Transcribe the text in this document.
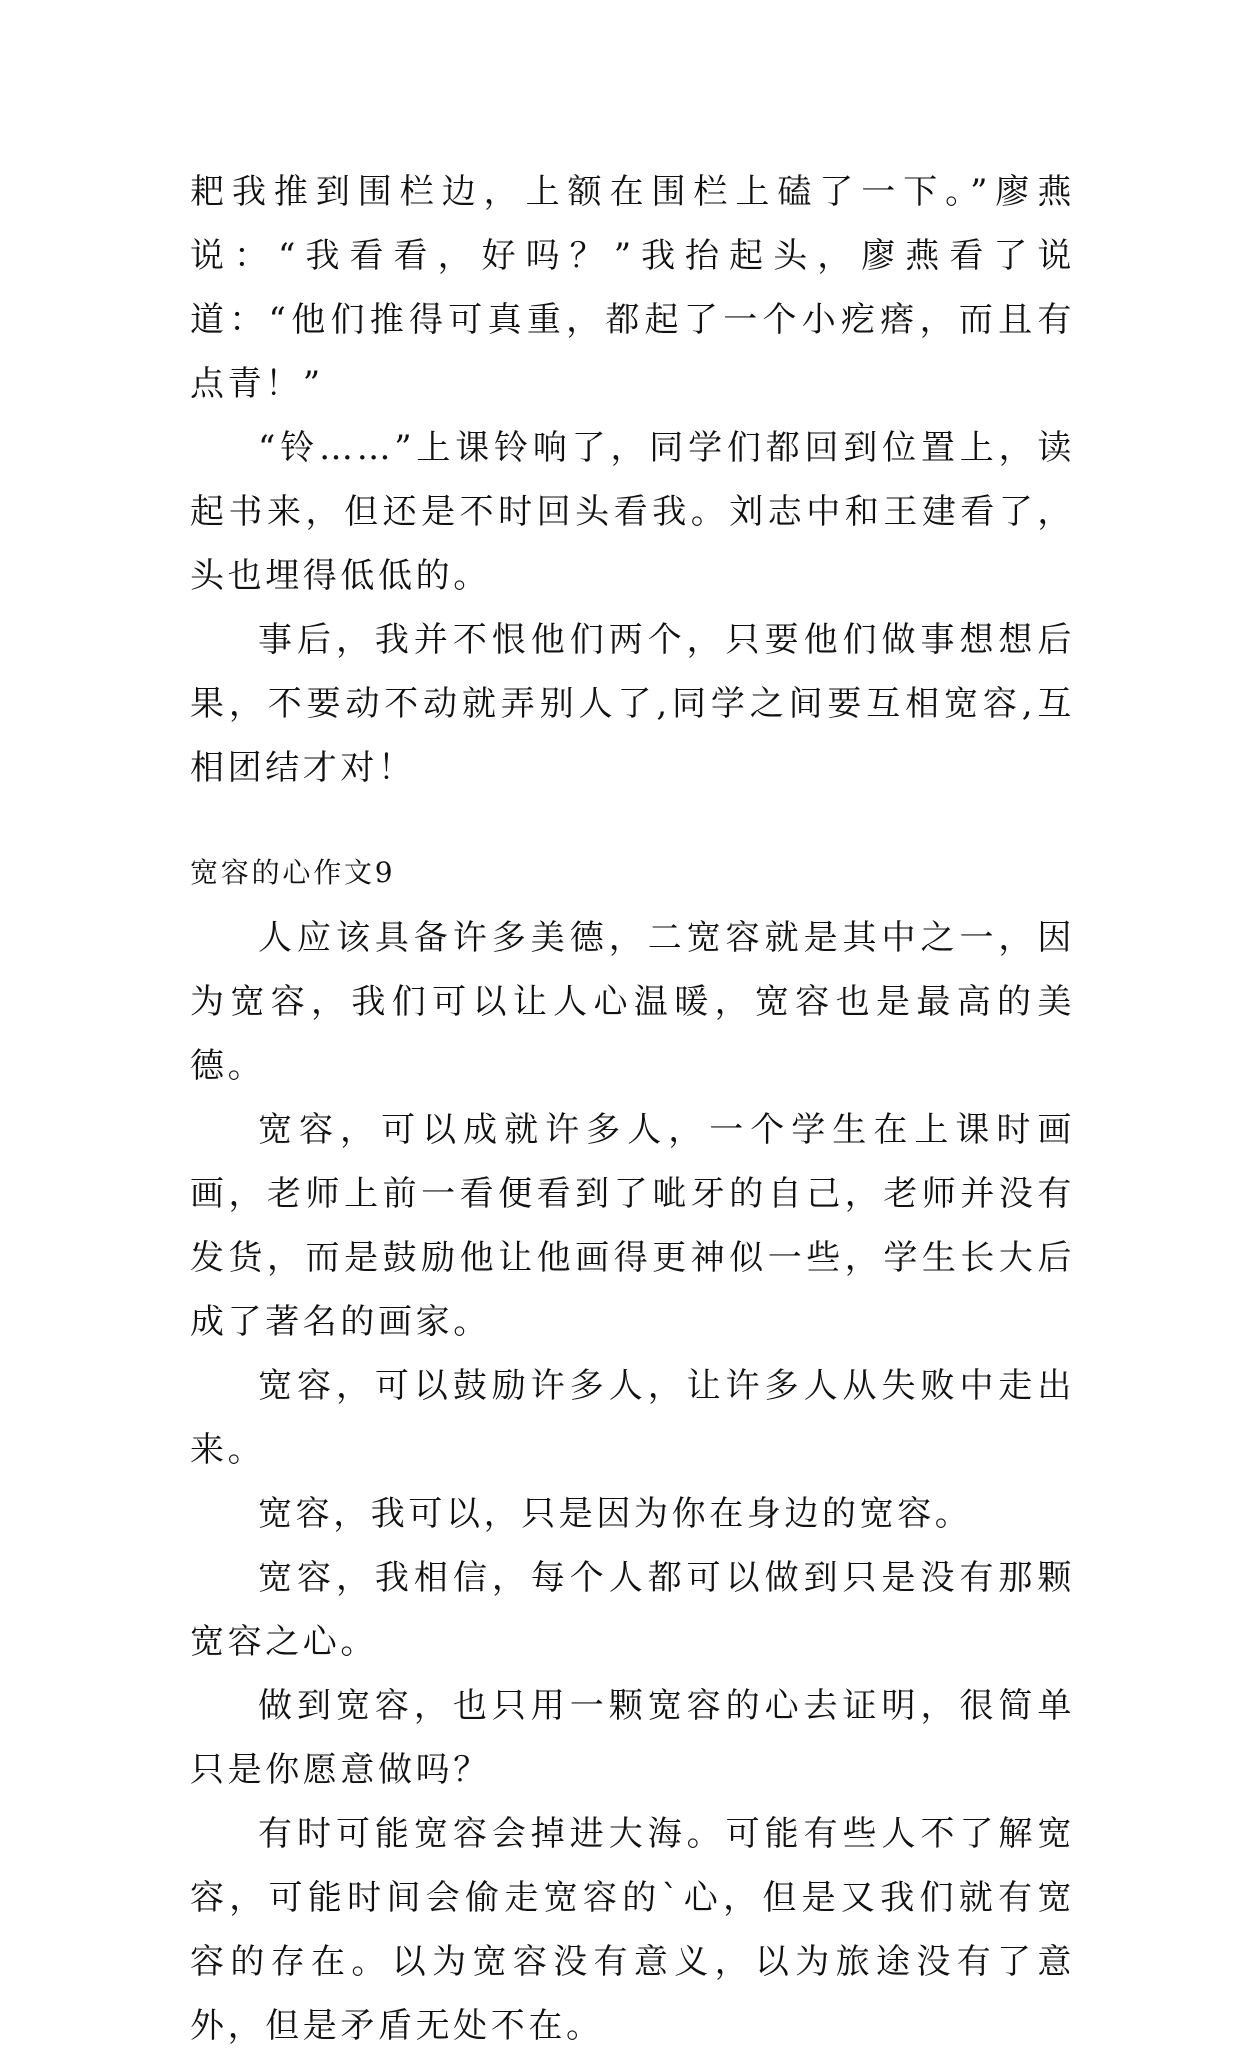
耙我推到围栏边，上额在围栏上磕了一下。”廖燕说：“我看看，好吗？”我抬起头，廖燕看了说道：“他们推得可真重，都起了一个小疙瘩，而且有点青！”

“铃……”上课铃响了，同学们都回到位置上，读起书来，但还是不时回头看我。刘志中和王建看了，头也埋得低低的。

事后，我并不恨他们两个，只要他们做事想想后果，不要动不动就弄别人了,同学之间要互相宽容,互相团结才对！

宽容的心作文9

人应该具备许多美德，二宽容就是其中之一，因为宽容，我们可以让人心温暖，宽容也是最高的美德。

宽容，可以成就许多人，一个学生在上课时画画，老师上前一看便看到了呲牙的自己，老师并没有发货，而是鼓励他让他画得更神似一些，学生长大后成了著名的画家。

宽容，可以鼓励许多人，让许多人从失败中走出来。

宽容，我可以，只是因为你在身边的宽容。

宽容，我相信，每个人都可以做到只是没有那颗宽容之心。

做到宽容，也只用一颗宽容的心去证明，很简单只是你愿意做吗？

有时可能宽容会掉进大海。可能有些人不了解宽容，可能时间会偷走宽容的`心，但是又我们就有宽容的存在。以为宽容没有意义，以为旅途没有了意外，但是矛盾无处不在。
